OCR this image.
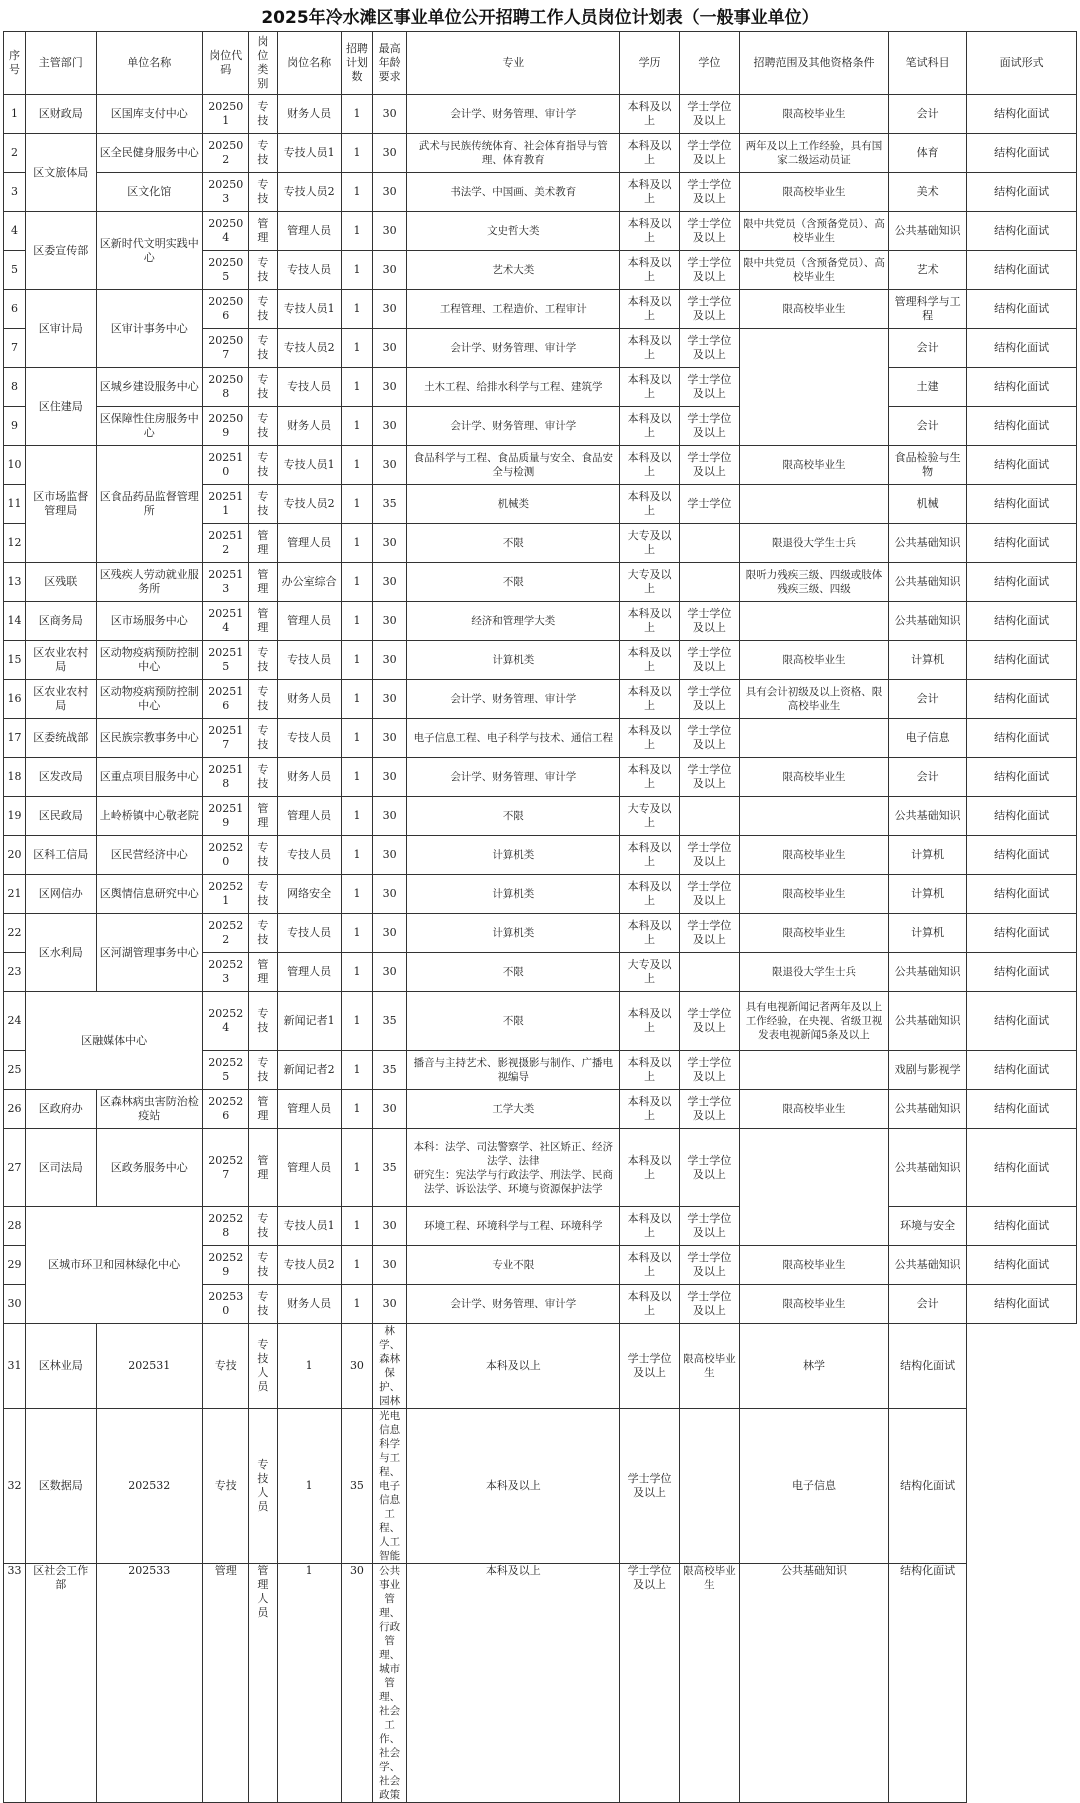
2025年冷水滩区事业单位公开招聘工作人员岗位计划表（一般事业单位）
序号	主管部门	单位名称	岗位代码	岗位类别	岗位名称	招聘计划数	最高年龄要求	专业	学历	学位	招聘范围及其他资格条件	笔试科目	面试形式
1	区财政局	区国库支付中心	202501	专技	财务人员	1	30	会计学、财务管理、审计学	本科及以上	学士学位及以上	限高校毕业生	会计	结构化面试
2	区文旅体局	区全民健身服务中心	202502	专技	专技人员1	1	30	武术与民族传统体育、社会体育指导与管理、体育教育	本科及以上	学士学位及以上	两年及以上工作经验，具有国家二级运动员证	体育	结构化面试
3		区文化馆	202503	专技	专技人员2	1	30	书法学、中国画、美术教育	本科及以上	学士学位及以上	限高校毕业生	美术	结构化面试
4	区委宣传部	区新时代文明实践中心	202504	管理	管理人员	1	30	文史哲大类	本科及以上	学士学位及以上	限中共党员（含预备党员）、高校毕业生	公共基础知识	结构化面试
5			202505	专技	专技人员	1	30	艺术大类	本科及以上	学士学位及以上	限中共党员（含预备党员）、高校毕业生	艺术	结构化面试
6	区审计局	区审计事务中心	202506	专技	专技人员1	1	30	工程管理、工程造价、工程审计	本科及以上	学士学位及以上	限高校毕业生	管理科学与工程	结构化面试
7			202507	专技	专技人员2	1	30	会计学、财务管理、审计学	本科及以上	学士学位及以上		会计	结构化面试
8	区住建局	区城乡建设服务中心	202508	专技	专技人员	1	30	土木工程、给排水科学与工程、建筑学	本科及以上	学士学位及以上		土建	结构化面试
9		区保障性住房服务中心	202509	专技	财务人员	1	30	会计学、财务管理、审计学	本科及以上	学士学位及以上		会计	结构化面试
10	区市场监督管理局	区食品药品监督管理所	202510	专技	专技人员1	1	30	食品科学与工程、食品质量与安全、食品安全与检测	本科及以上	学士学位及以上	限高校毕业生	食品检验与生物	结构化面试
11			202511	专技	专技人员2	1	35	机械类	本科及以上	学士学位		机械	结构化面试
12			202512	管理	管理人员	1	30	不限	大专及以上		限退役大学生士兵	公共基础知识	结构化面试
13	区残联	区残疾人劳动就业服务所	202513	管理	办公室综合	1	30	不限	大专及以上		限听力残疾三级、四级或肢体残疾三级、四级	公共基础知识	结构化面试
14	区商务局	区市场服务中心	202514	管理	管理人员	1	30	经济和管理学大类	本科及以上	学士学位及以上		公共基础知识	结构化面试
15	区农业农村局	区动物疫病预防控制中心	202515	专技	专技人员	1	30	计算机类	本科及以上	学士学位及以上	限高校毕业生	计算机	结构化面试
16	区农业农村局	区动物疫病预防控制中心	202516	专技	财务人员	1	30	会计学、财务管理、审计学	本科及以上	学士学位及以上	具有会计初级及以上资格、限高校毕业生	会计	结构化面试
17	区委统战部	区民族宗教事务中心	202517	专技	专技人员	1	30	电子信息工程、电子科学与技术、通信工程	本科及以上	学士学位及以上		电子信息	结构化面试
18	区发改局	区重点项目服务中心	202518	专技	财务人员	1	30	会计学、财务管理、审计学	本科及以上	学士学位及以上	限高校毕业生	会计	结构化面试
19	区民政局	上岭桥镇中心敬老院	202519	管理	管理人员	1	30	不限	大专及以上			公共基础知识	结构化面试
20	区科工信局	区民营经济中心	202520	专技	专技人员	1	30	计算机类	本科及以上	学士学位及以上	限高校毕业生	计算机	结构化面试
21	区网信办	区舆情信息研究中心	202521	专技	网络安全	1	30	计算机类	本科及以上	学士学位及以上	限高校毕业生	计算机	结构化面试
22	区水利局	区河湖管理事务中心	202522	专技	专技人员	1	30	计算机类	本科及以上	学士学位及以上	限高校毕业生	计算机	结构化面试
23			202523	管理	管理人员	1	30	不限	大专及以上		限退役大学生士兵	公共基础知识	结构化面试
24	区融媒体中心		202524	专技	新闻记者1	1	35	不限	本科及以上	学士学位及以上	具有电视新闻记者两年及以上工作经验，在央视、省级卫视发表电视新闻5条及以上	公共基础知识	结构化面试
25			202525	专技	新闻记者2	1	35	播音与主持艺术、影视摄影与制作、广播电视编导	本科及以上	学士学位及以上		戏剧与影视学	结构化面试
26	区政府办	区森林病虫害防治检疫站	202526	管理	管理人员	1	30	工学大类	本科及以上	学士学位及以上	限高校毕业生	公共基础知识	结构化面试
27	区司法局	区政务服务中心	202527	管理	管理人员	1	35	本科：法学、司法警察学、社区矫正、经济法学、法律
研究生：宪法学与行政法学、刑法学、民商法学、诉讼法学、环境与资源保护法学	本科及以上	学士学位及以上		公共基础知识	结构化面试
28	区城市环卫和园林绿化中心		202528	专技	专技人员1	1	30	环境工程、环境科学与工程、环境科学	本科及以上	学士学位及以上		环境与安全	结构化面试
29			202529	专技	专技人员2	1	30	专业不限	本科及以上	学士学位及以上	限高校毕业生	公共基础知识	结构化面试
30			202530	专技	财务人员	1	30	会计学、财务管理、审计学	本科及以上	学士学位及以上	限高校毕业生	会计	结构化面试
31	区林业局	202531	专技	专技人员	1	30	林学、森林保护、园林	本科及以上	学士学位及以上	限高校毕业生	林学	结构化面试	
32	区数据局	202532	专技	专技人员	1	35	光电信息科学与工程、电子信息工程、人工智能	本科及以上	学士学位及以上		电子信息	结构化面试	
33	区社会工作部	202533	管理	管理人员	1	30	公共事业管理、行政管理、城市管理、社会工作、社会学、社会政策	本科及以上	学士学位及以上	限高校毕业生	公共基础知识	结构化面试	
